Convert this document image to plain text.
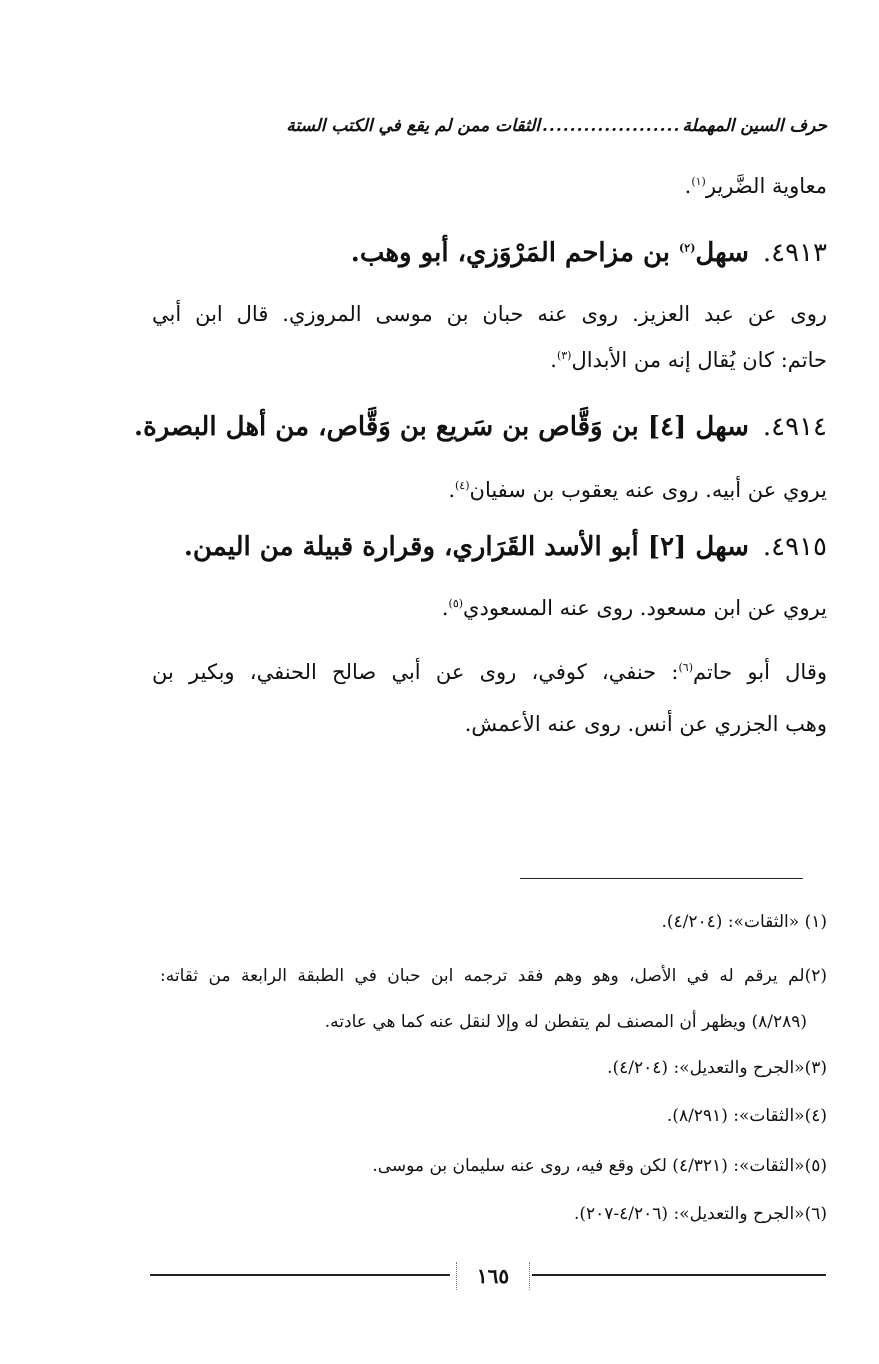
حرف السين المهملة
....................
الثقات ممن لم يقع في الكتب الستة
معاوية الضَّرير$^{(١)}$.
٤٩١٣.سهل$^{(٢)}$ بن مزاحم المَرْوَزي، أبو وهب.
روى عن عبد العزيز. روى عنه حبان بن موسى المروزي. قال ابن أبي
حاتم: كان يُقال إنه من الأبدال$^{(٣)}$.
٤٩١٤.سهل [٤] بن وَقَّاص بن سَريع بن وَقَّاص، من أهل البصرة.
يروي عن أبيه. روى عنه يعقوب بن سفيان$^{(٤)}$.
٤٩١٥.سهل [٢] أبو الأسد القَرَاري، وقرارة قبيلة من اليمن.
يروي عن ابن مسعود. روى عنه المسعودي$^{(٥)}$.
وقال أبو حاتم$^{(٦)}$: حنفي، كوفي، روى عن أبي صالح الحنفي، وبكير بن
وهب الجزري عن أنس. روى عنه الأعمش.
(١) «الثقات»: (٤/٢٠٤).
(٢)لم يرقم له في الأصل، وهو وهم فقد ترجمه ابن حبان في الطبقة الرابعة من ثقاته:
(٨/٢٨٩) ويظهر أن المصنف لم يتفطن له وإلا لنقل عنه كما هي عادته.
(٣)«الجرح والتعديل»: (٤/٢٠٤).
(٤)«الثقات»: (٨/٢٩١).
(٥)«الثقات»: (٤/٣٢١) لكن وقع فيه، روى عنه سليمان بن موسى.
(٦)«الجرح والتعديل»: (٤/٢٠٦-٢٠٧).
١٦٥
